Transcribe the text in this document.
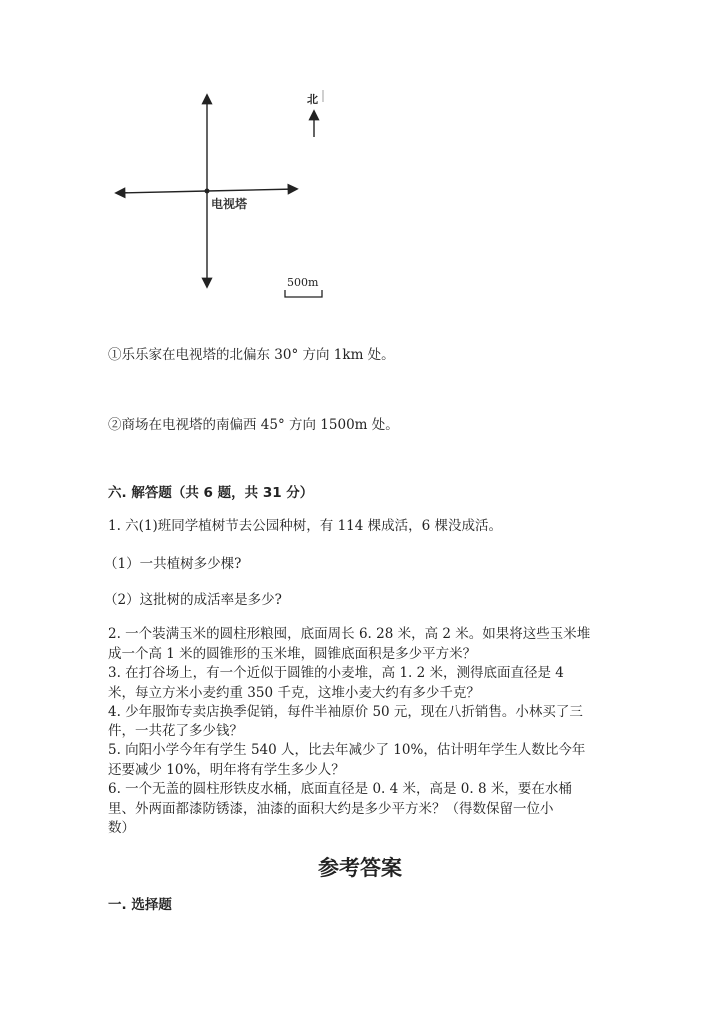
电视塔
北
500m
①乐乐家在电视塔的北偏东 30° 方向 1km 处。
②商场在电视塔的南偏西 45° 方向 1500m 处。
六. 解答题（共 6 题，共 31 分）
1. 六(1)班同学植树节去公园种树，有 114 棵成活，6 棵没成活。
（1）一共植树多少棵?
（2）这批树的成活率是多少?
2. 一个装满玉米的圆柱形粮囤，底面周长 6. 28 米，高 2 米。如果将这些玉米堆
成一个高 1 米的圆锥形的玉米堆，圆锥底面积是多少平方米？
3. 在打谷场上，有一个近似于圆锥的小麦堆，高 1. 2 米，测得底面直径是 4
米，每立方米小麦约重 350 千克，这堆小麦大约有多少千克？
4. 少年服饰专卖店换季促销，每件半袖原价 50 元，现在八折销售。小林买了三
件，一共花了多少钱？
5. 向阳小学今年有学生 540 人，比去年减少了 10%，估计明年学生人数比今年
还要减少 10%，明年将有学生多少人？
6. 一个无盖的圆柱形铁皮水桶，底面直径是 0. 4 米，高是 0. 8 米，要在水桶
里、外两面都漆防锈漆，油漆的面积大约是多少平方米？（得数保留一位小
数）
参考答案
一. 选择题
